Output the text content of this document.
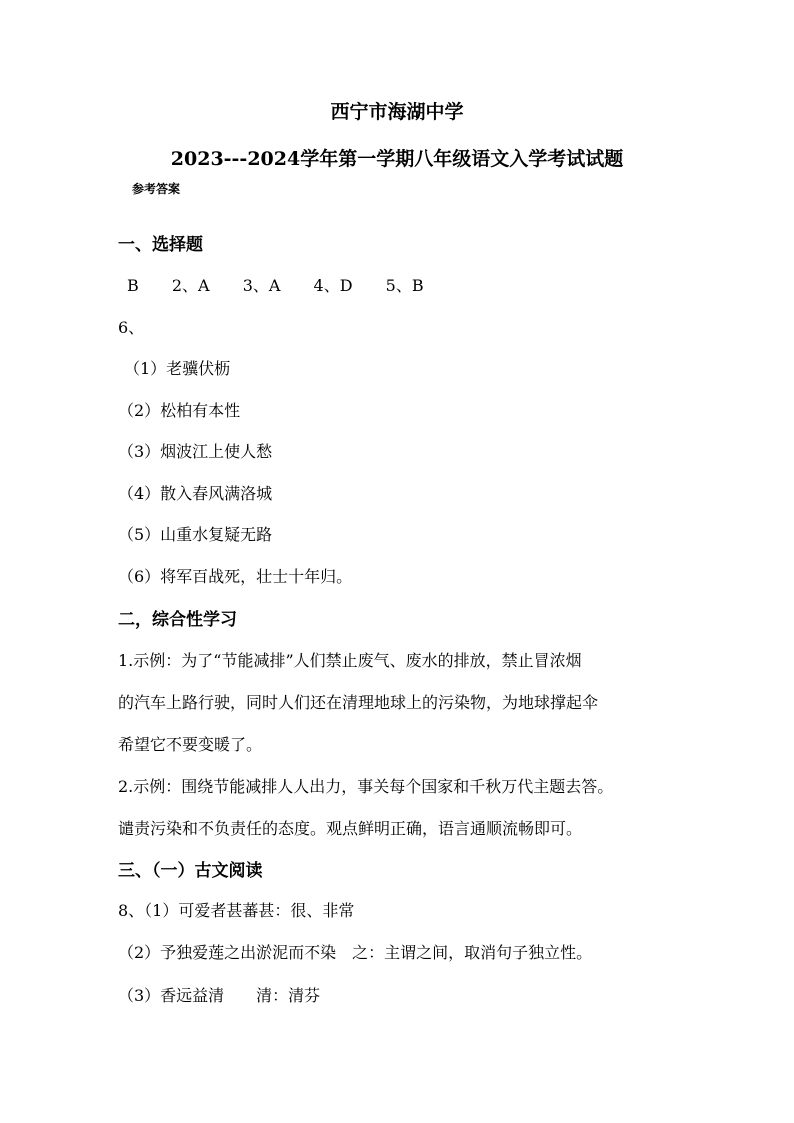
西宁市海湖中学
2023---2024学年第一学期八年级语文入学考试试题
参考答案
一、选择题
B 2、A 3、A 4、D 5、B
6、
（1）老骥伏枥
（2）松柏有本性
（3）烟波江上使人愁
（4）散入春风满洛城
（5）山重水复疑无路
（6）将军百战死，壮士十年归。
二，综合性学习
1.示例：为了“节能减排”人们禁止废气、废水的排放，禁止冒浓烟
的汽车上路行驶，同时人们还在清理地球上的污染物，为地球撑起伞
希望它不要变暖了。
2.示例：围绕节能减排人人出力，事关每个国家和千秋万代主题去答。
谴责污染和不负责任的态度。观点鲜明正确，语言通顺流畅即可。
三、（一）古文阅读
8、（1）可爱者甚蕃甚：很、非常
（2）予独爱莲之出淤泥而不染　之：主谓之间，取消句子独立性。
（3）香远益清　　清：清芬
